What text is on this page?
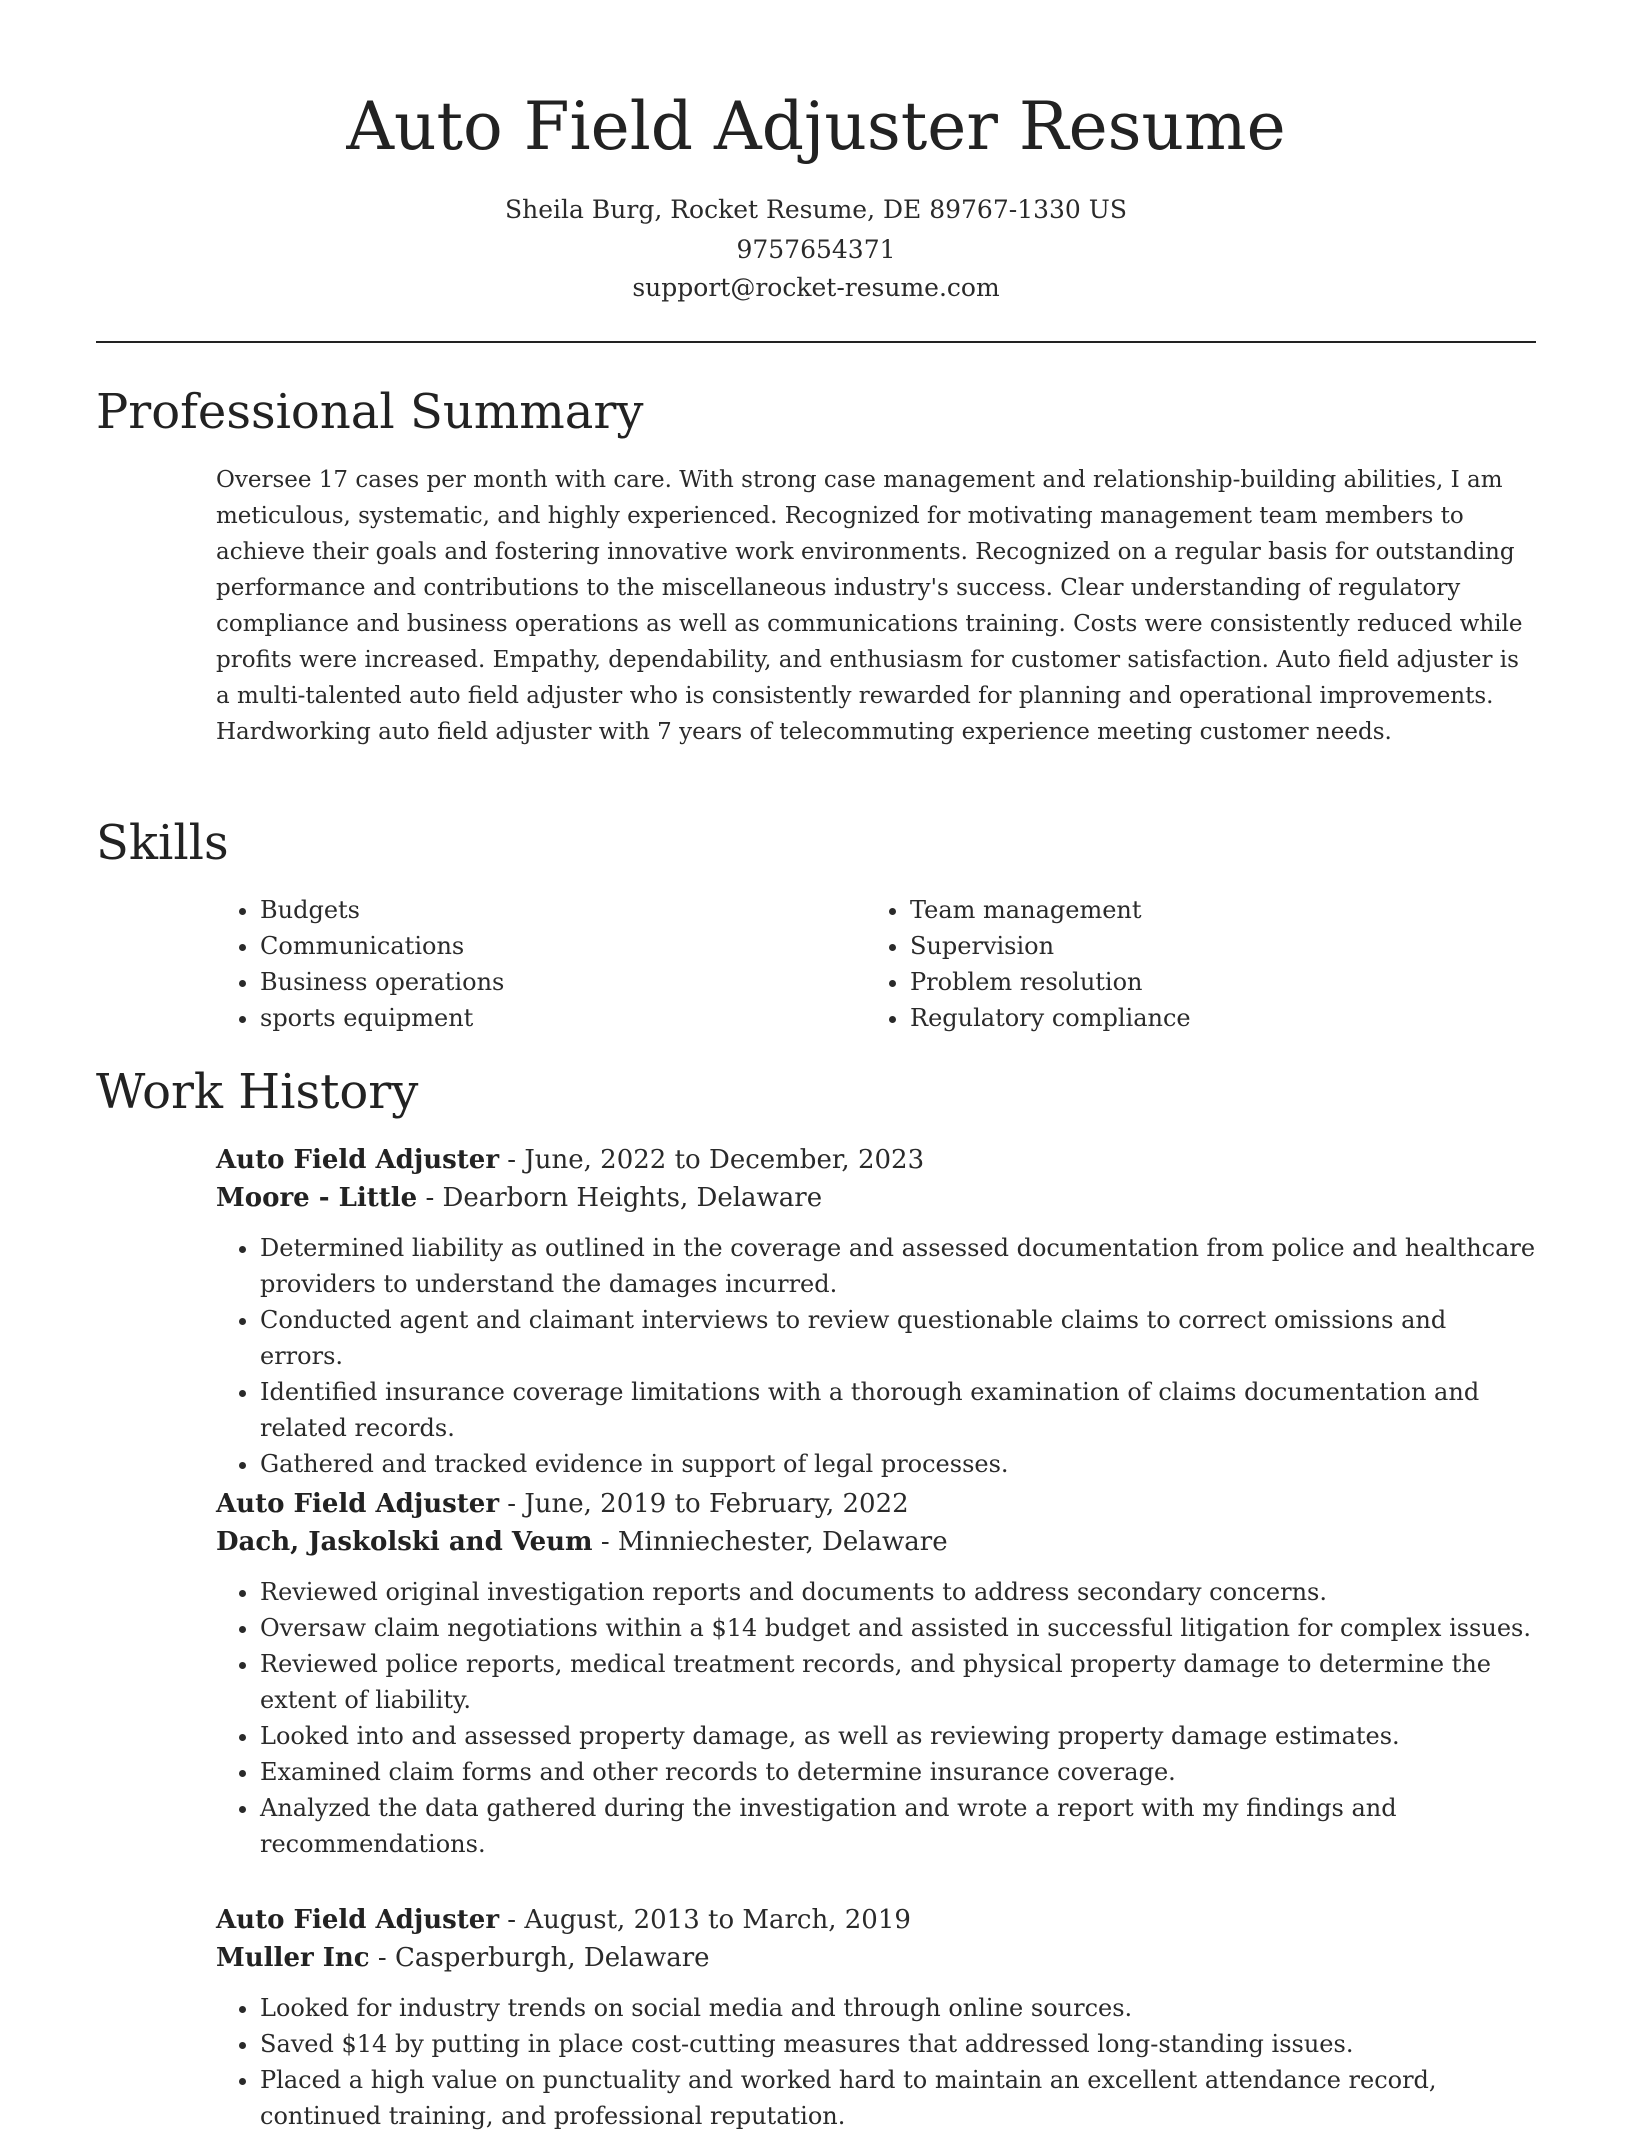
Auto Field Adjuster Resume
Sheila Burg, Rocket Resume, DE 89767-1330 US
9757654371
support@rocket-resume.com
Professional Summary

Oversee 17 cases per month with care. With strong case management and relationship-building abilities, I am meticulous, systematic, and highly experienced. Recognized for motivating management team members to achieve their goals and fostering innovative work environments. Recognized on a regular basis for outstanding performance and contributions to the miscellaneous industry's success. Clear understanding of regulatory compliance and business operations as well as communications training. Costs were consistently reduced while profits were increased. Empathy, dependability, and enthusiasm for customer satisfaction. Auto field adjuster is a multi-talented auto field adjuster who is consistently rewarded for planning and operational improvements. Hardworking auto field adjuster with 7 years of telecommuting experience meeting customer needs.

Skills
• Budgets
• Communications
• Business operations
• sports equipment
• Team management
• Supervision
• Problem resolution
• Regulatory compliance
Work History
Auto Field Adjuster - June, 2022 to December, 2023
Moore - Little - Dearborn Heights, Delaware
• Determined liability as outlined in the coverage and assessed documentation from police and healthcare providers to understand the damages incurred.
• Conducted agent and claimant interviews to review questionable claims to correct omissions and errors.
• Identified insurance coverage limitations with a thorough examination of claims documentation and related records.
• Gathered and tracked evidence in support of legal processes.
Auto Field Adjuster - June, 2019 to February, 2022
Dach, Jaskolski and Veum - Minniechester, Delaware
• Reviewed original investigation reports and documents to address secondary concerns.
• Oversaw claim negotiations within a $14 budget and assisted in successful litigation for complex issues.
• Reviewed police reports, medical treatment records, and physical property damage to determine the extent of liability.
• Looked into and assessed property damage, as well as reviewing property damage estimates.
• Examined claim forms and other records to determine insurance coverage.
• Analyzed the data gathered during the investigation and wrote a report with my findings and recommendations.
Auto Field Adjuster - August, 2013 to March, 2019
Muller Inc - Casperburgh, Delaware
• Looked for industry trends on social media and through online sources.
• Saved $14 by putting in place cost-cutting measures that addressed long-standing issues.
• Placed a high value on punctuality and worked hard to maintain an excellent attendance record, continued training, and professional reputation.
